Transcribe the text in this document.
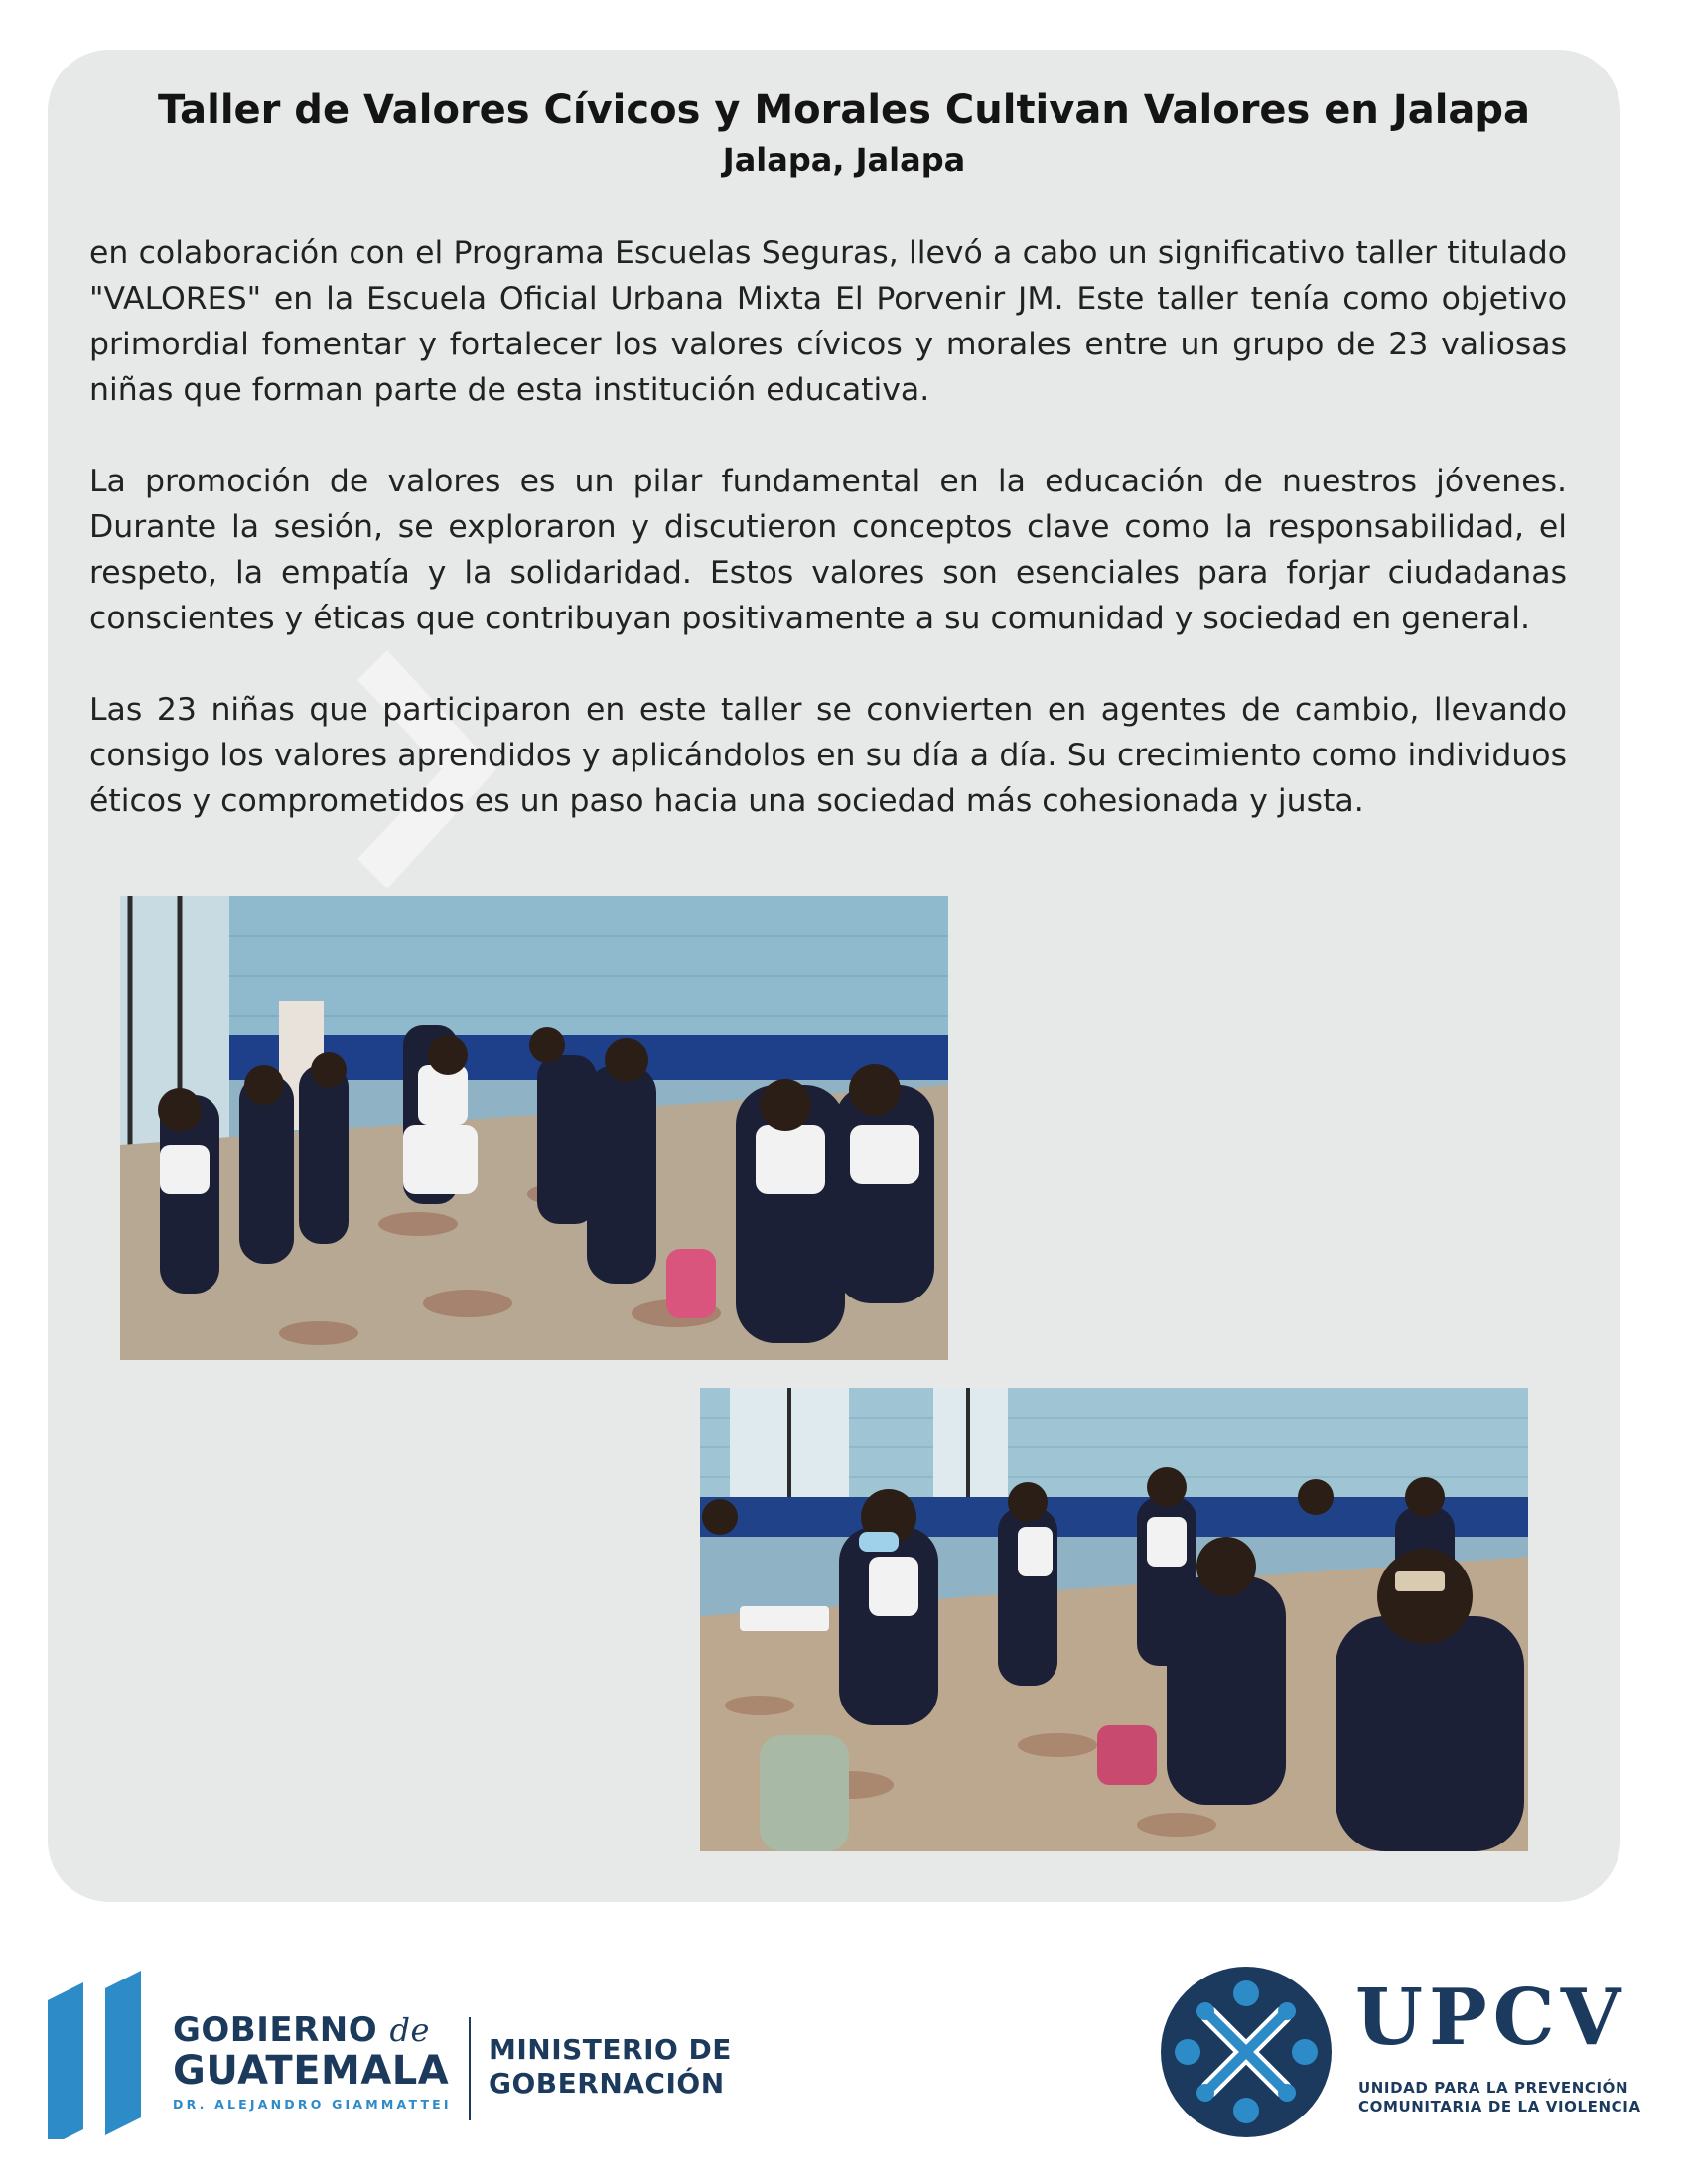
Taller de Valores Cívicos y Morales Cultivan Valores en Jalapa
Jalapa, Jalapa

en colaboración con el Programa Escuelas Seguras, llevó a cabo un significativo taller titulado "VALORES" en la Escuela Oficial Urbana Mixta El Porvenir JM. Este taller tenía como objetivo primordial fomentar y fortalecer los valores cívicos y morales entre un grupo de 23 valiosas niñas que forman parte de esta institución educativa.

La promoción de valores es un pilar fundamental en la educación de nuestros jóvenes. Durante la sesión, se exploraron y discutieron conceptos clave como la responsabilidad, el respeto, la empatía y la solidaridad. Estos valores son esenciales para forjar ciudadanas conscientes y éticas que contribuyan positivamente a su comunidad y sociedad en general.

Las 23 niñas que participaron en este taller se convierten en agentes de cambio, llevando consigo los valores aprendidos y aplicándolos en su día a día. Su crecimiento como individuos éticos y comprometidos es un paso hacia una sociedad más cohesionada y justa.

GOBIERNO de
GUATEMALA
DR. ALEJANDRO GIAMMATTEI
MINISTERIO DE
GOBERNACIÓN
UPCV
UNIDAD PARA LA PREVENCIÓN
COMUNITARIA DE LA VIOLENCIA
